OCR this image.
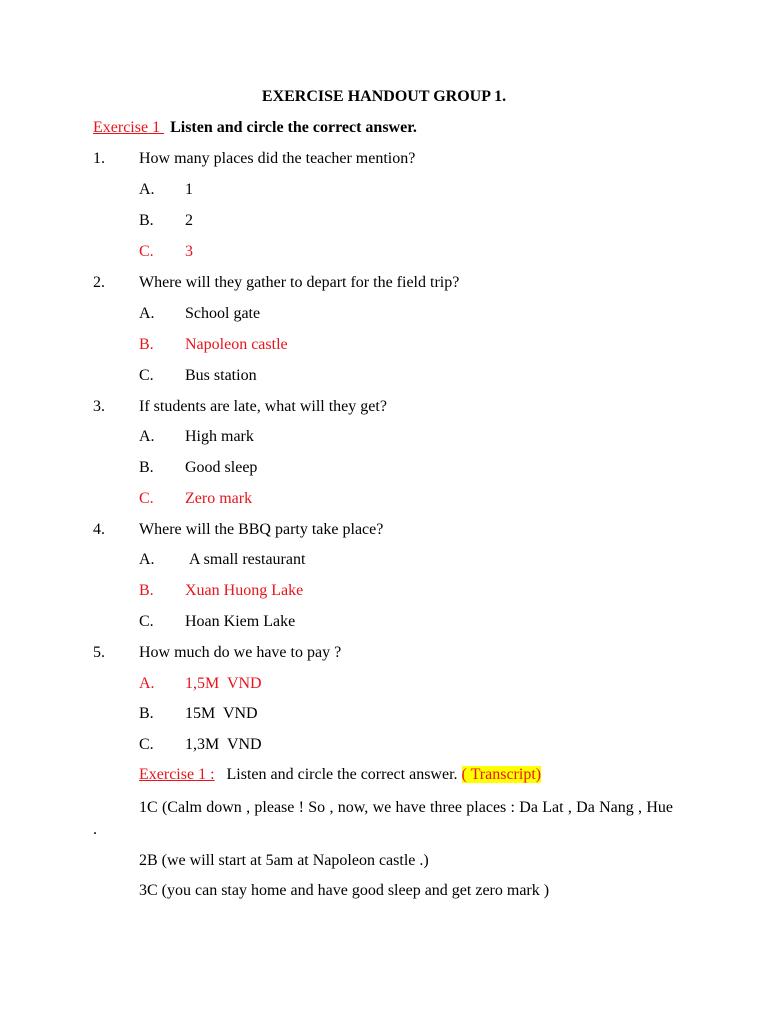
EXERCISE HANDOUT GROUP 1.
Exercise 1 Listen and circle the correct answer.
1. How many places did the teacher mention?
A. 1
B. 2
C. 3
2. Where will they gather to depart for the field trip?
A. School gate
B. Napoleon castle
C. Bus station
3. If students are late, what will they get?
A. High mark
B. Good sleep
C. Zero mark
4. Where will the BBQ party take place?
A. A small restaurant
B. Xuan Huong Lake
C. Hoan Kiem Lake
5. How much do we have to pay ?
A. 1,5M  VND
B. 15M  VND
C. 1,3M  VND
Exercise 1 : Listen and circle the correct answer. ( Transcript)
1C (Calm down , please ! So , now, we have three places : Da Lat , Da Nang , Hue .
2B (we will start at 5am at Napoleon castle .)
3C (you can stay home and have good sleep and get zero mark )
